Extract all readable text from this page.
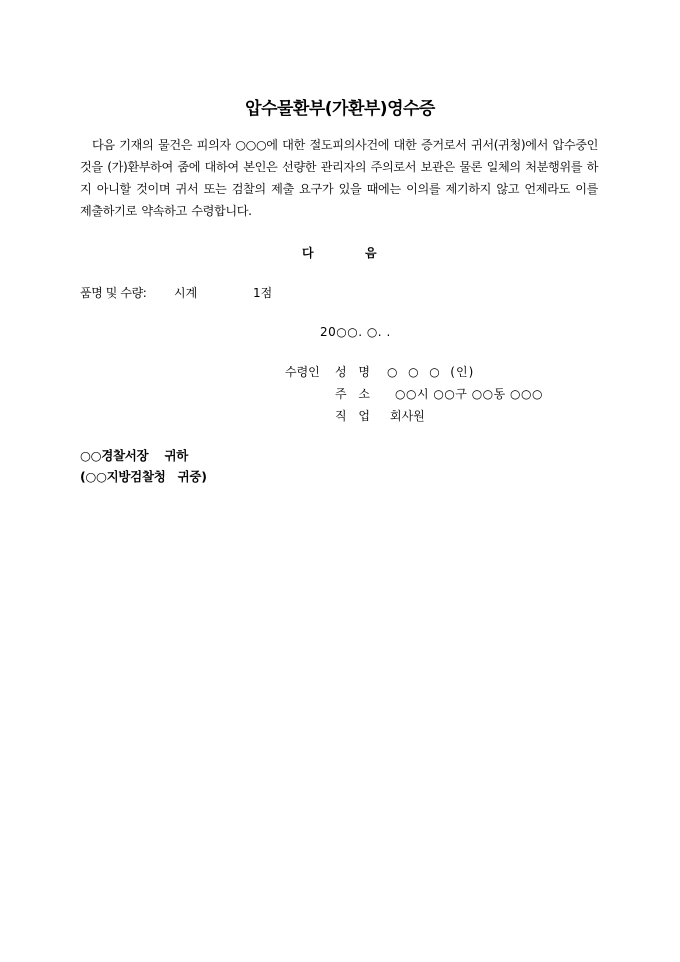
압수물환부(가환부)영수증

다음 기재의 물건은 피의자 ○○○에 대한 절도피의사건에 대한 증거로서 귀서(귀청)에서 압수중인 것을 (가)환부하여 줌에 대하여 본인은 선량한 관리자의 주의로서 보관은 물론 일체의 처분행위를 하지 아니할 것이며 귀서 또는 검찰의 제출 요구가 있을 때에는 이의를 제기하지 않고 언제라도 이를 제출하기로 약속하고 수령합니다.

다	음
품명 및 수량: 시계	1점
20○○. ○. .
수령인 성 명 ○  ○  ○  (인)
주 소 ○○시 ○○구 ○○동 ○○○
직 업 회사원
○○경찰서장    귀하
(○○지방검찰청   귀중)
